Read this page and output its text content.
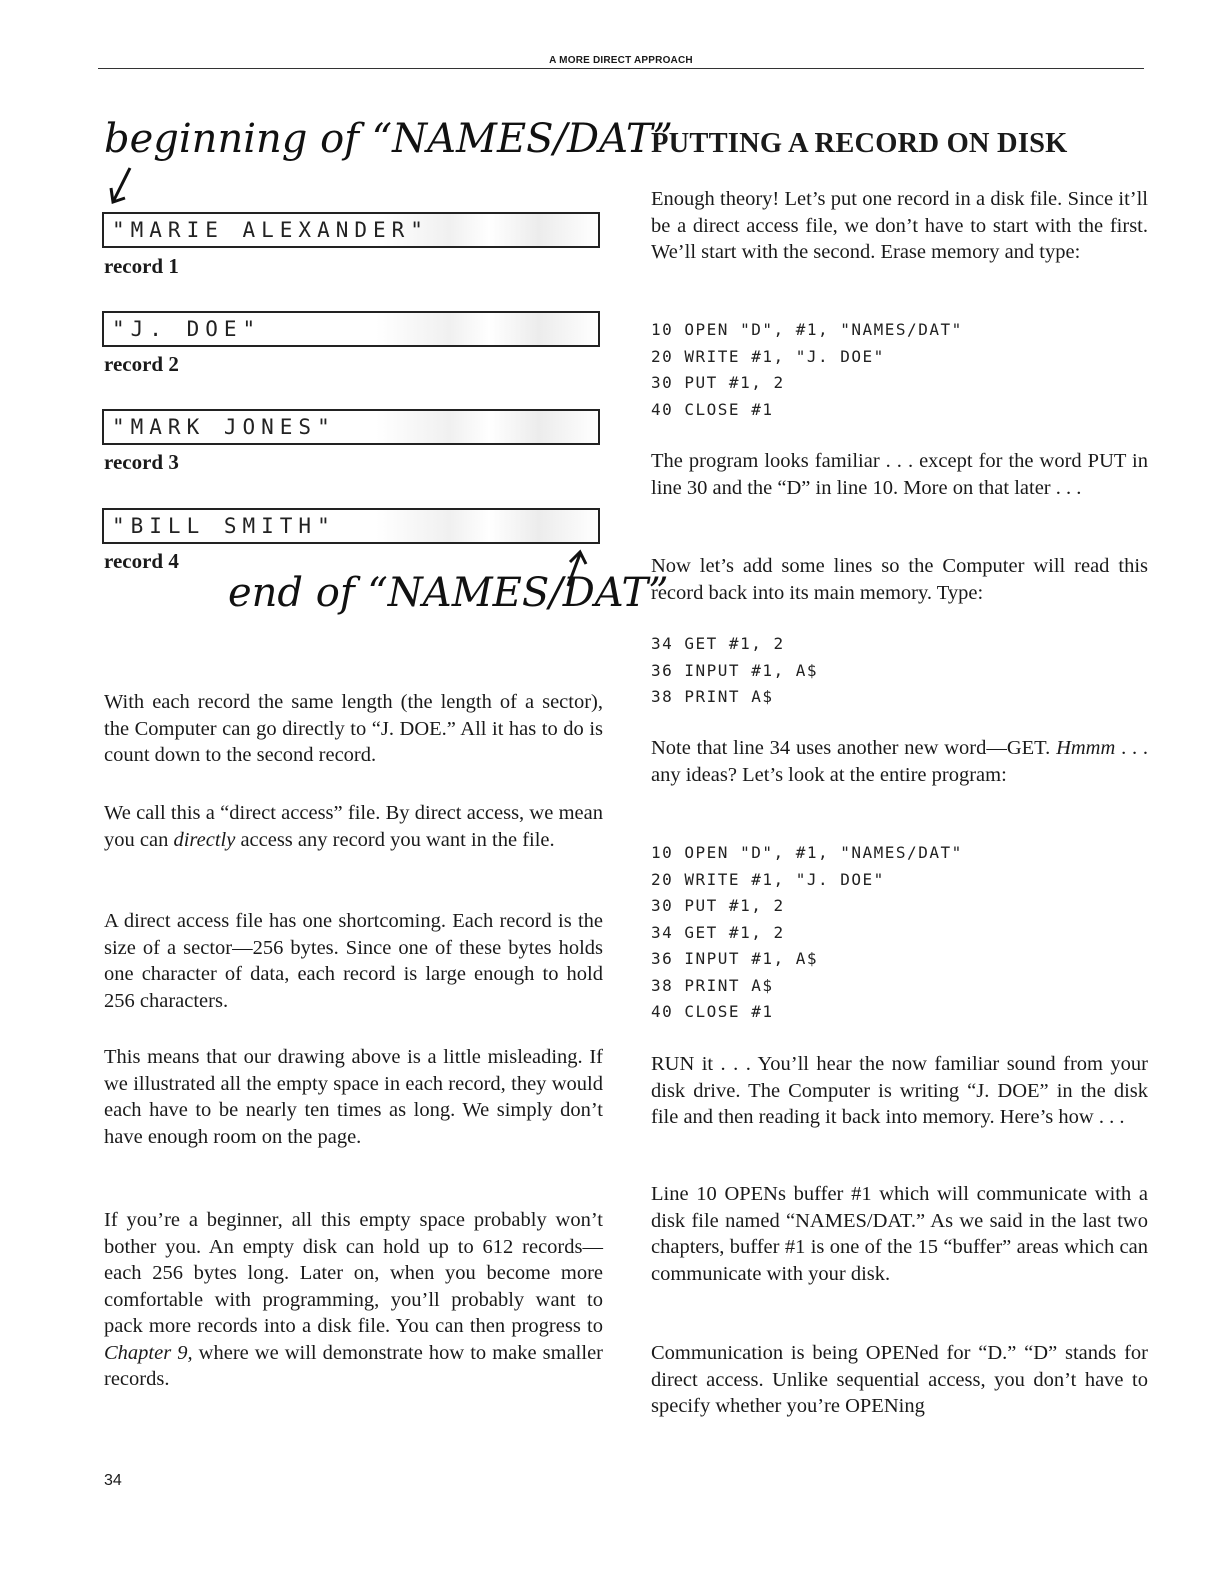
A MORE DIRECT APPROACH
beginning of “NAMES/DAT”
"MARIE ALEXANDER"
record 1
"J. DOE"
record 2
"MARK JONES"
record 3
"BILL SMITH"
record 4
end of “NAMES/DAT”

With each record the same length (the length of a sector), the Computer can go directly to “J. DOE.” All it has to do is count down to the second record.

We call this a “direct access” file. By direct access, we mean you can directly access any record you want in the file.

A direct access file has one shortcoming. Each record is the size of a sector—256 bytes. Since one of these bytes holds one character of data, each record is large enough to hold 256 characters.

This means that our drawing above is a little misleading. If we illustrated all the empty space in each record, they would each have to be nearly ten times as long. We simply don’t have enough room on the page.

If you’re a beginner, all this empty space probably won’t bother you. An empty disk can hold up to 612 records—each 256 bytes long. Later on, when you become more comfortable with programming, you’ll probably want to pack more records into a disk file. You can then progress to Chapter 9, where we will demonstrate how to make smaller records.

PUTTING A RECORD ON DISK

Enough theory! Let’s put one record in a disk file. Since it’ll be a direct access file, we don’t have to start with the first. We’ll start with the second. Erase memory and type:

10 OPEN "D", #1, "NAMES/DAT"
20 WRITE #1, "J. DOE"
30 PUT #1, 2
40 CLOSE #1

The program looks familiar . . . except for the word PUT in line 30 and the “D” in line 10. More on that later . . .

Now let’s add some lines so the Computer will read this record back into its main memory. Type:

34 GET #1, 2
36 INPUT #1, A$
38 PRINT A$

Note that line 34 uses another new word—GET. Hmmm . . . any ideas? Let’s look at the entire program:

10 OPEN "D", #1, "NAMES/DAT"
20 WRITE #1, "J. DOE"
30 PUT #1, 2
34 GET #1, 2
36 INPUT #1, A$
38 PRINT A$
40 CLOSE #1

RUN it . . . You’ll hear the now familiar sound from your disk drive. The Computer is writing “J. DOE” in the disk file and then reading it back into memory. Here’s how . . .

Line 10 OPENs buffer #1 which will communicate with a disk file named “NAMES/DAT.” As we said in the last two chapters, buffer #1 is one of the 15 “buffer” areas which can communicate with your disk.

Communication is being OPENed for “D.” “D” stands for direct access. Unlike sequential access, you don’t have to specify whether you’re OPENing

34
